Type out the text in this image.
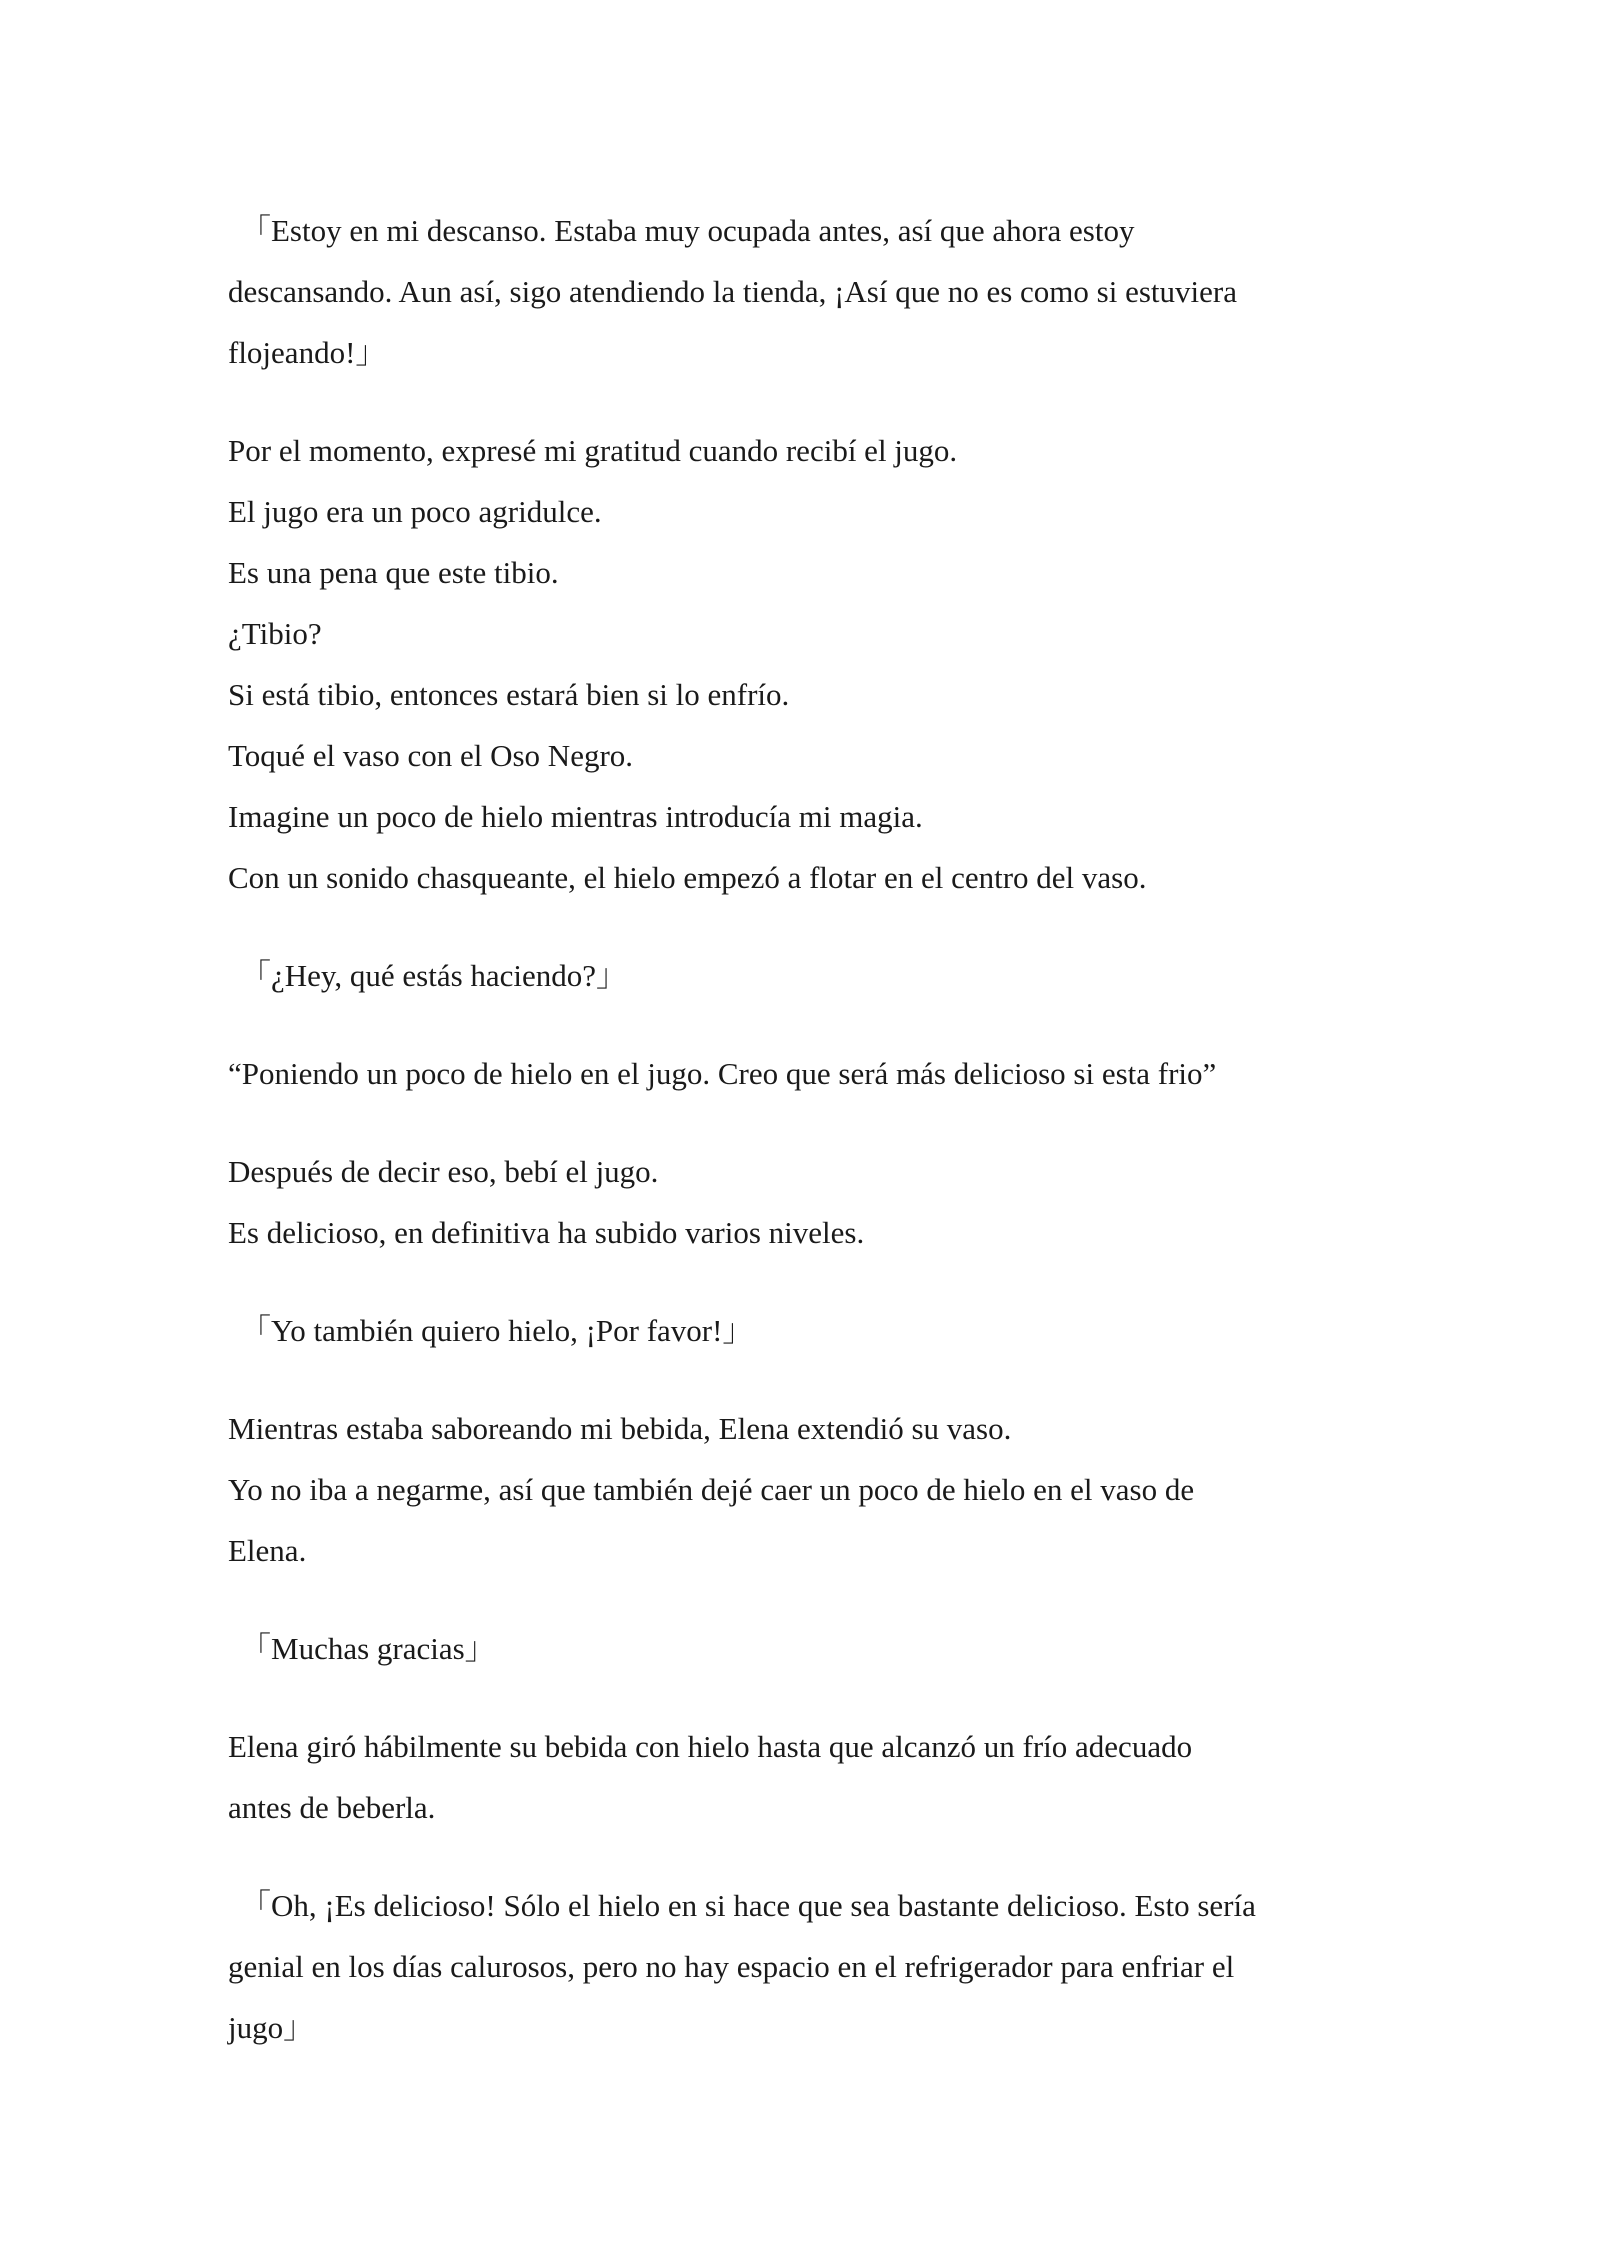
「Estoy en mi descanso. Estaba muy ocupada antes, así que ahora estoy
descansando. Aun así, sigo atendiendo la tienda, ¡Así que no es como si estuviera
flojeando!」

Por el momento, expresé mi gratitud cuando recibí el jugo.
El jugo era un poco agridulce.
Es una pena que este tibio.
¿Tibio?
Si está tibio, entonces estará bien si lo enfrío.
Toqué el vaso con el Oso Negro.
Imagine un poco de hielo mientras introducía mi magia.
Con un sonido chasqueante, el hielo empezó a flotar en el centro del vaso.

「¿Hey, qué estás haciendo?」

“Poniendo un poco de hielo en el jugo. Creo que será más delicioso si esta frio”

Después de decir eso, bebí el jugo.
Es delicioso, en definitiva ha subido varios niveles.

「Yo también quiero hielo, ¡Por favor!」

Mientras estaba saboreando mi bebida, Elena extendió su vaso.
Yo no iba a negarme, así que también dejé caer un poco de hielo en el vaso de
Elena.

「Muchas gracias」

Elena giró hábilmente su bebida con hielo hasta que alcanzó un frío adecuado
antes de beberla.

「Oh, ¡Es delicioso! Sólo el hielo en si hace que sea bastante delicioso. Esto sería
genial en los días calurosos, pero no hay espacio en el refrigerador para enfriar el
jugo」
